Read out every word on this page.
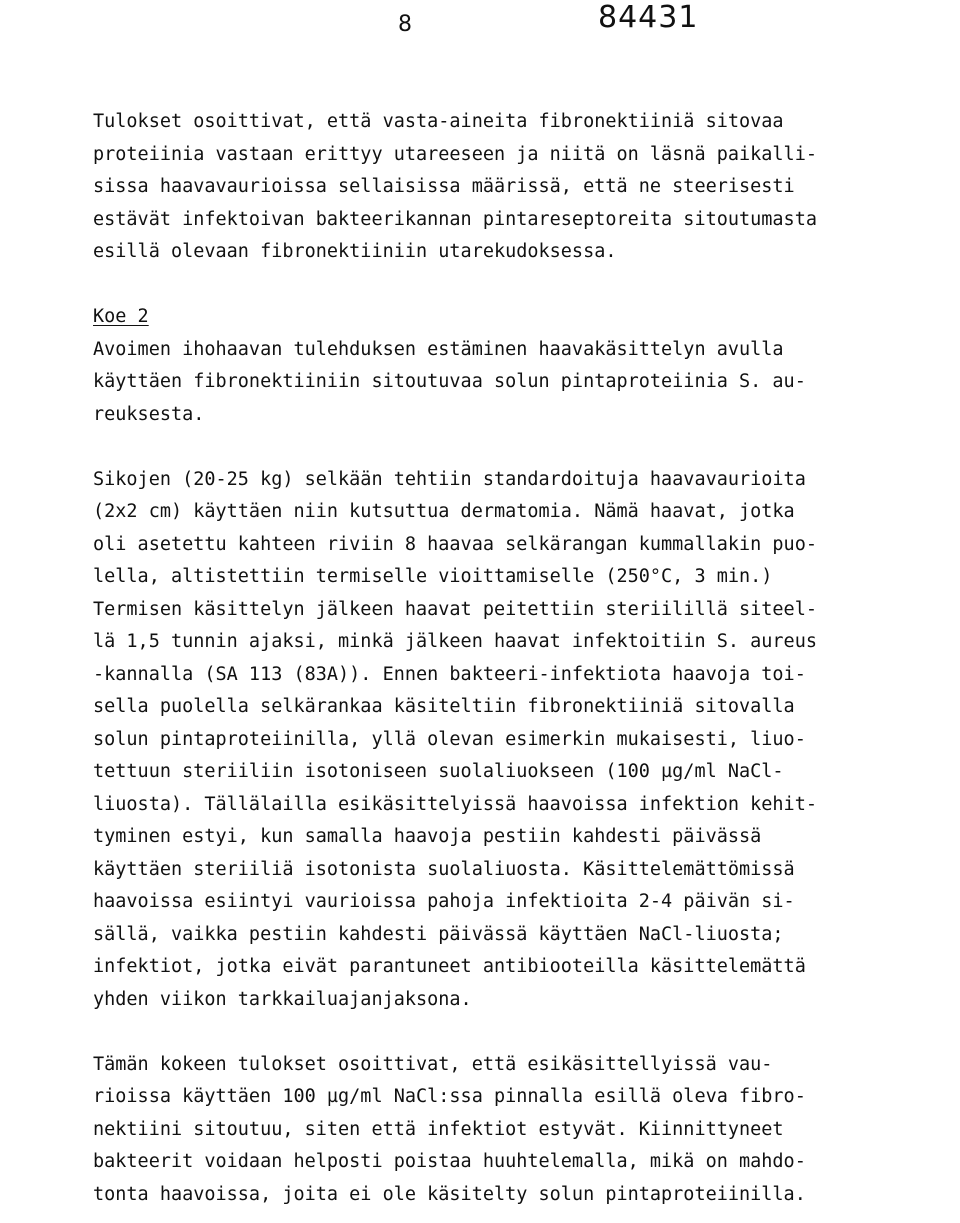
8	84431
Tulokset osoittivat, että vasta-aineita fibronektiiniä sitovaa
proteiinia vastaan erittyy utareeseen ja niitä on läsnä paikalli-
sissa haavavaurioissa sellaisissa määrissä, että ne steerisesti
estävät infektoivan bakteerikannan pintareseptoreita sitoutumasta
esillä olevaan fibronektiiniin utarekudoksessa.
Koe 2
Avoimen ihohaavan tulehduksen estäminen haavakäsittelyn avulla
käyttäen fibronektiiniin sitoutuvaa solun pintaproteiinia S. au-
reuksesta.
Sikojen (20-25 kg) selkään tehtiin standardoituja haavavaurioita
(2x2 cm) käyttäen niin kutsuttua dermatomia. Nämä haavat, jotka
oli asetettu kahteen riviin 8 haavaa selkärangan kummallakin puo-
lella, altistettiin termiselle vioittamiselle (250°C, 3 min.)
Termisen käsittelyn jälkeen haavat peitettiin steriilillä siteel-
lä 1,5 tunnin ajaksi, minkä jälkeen haavat infektoitiin S. aureus
-kannalla (SA 113 (83A)). Ennen bakteeri-infektiota haavoja toi-
sella puolella selkärankaa käsiteltiin fibronektiiniä sitovalla
solun pintaproteiinilla, yllä olevan esimerkin mukaisesti, liuo-
tettuun steriiliin isotoniseen suolaliuokseen (100 µg/ml NaCl-
liuosta). Tällälailla esikäsittelyissä haavoissa infektion kehit-
tyminen estyi, kun samalla haavoja pestiin kahdesti päivässä
käyttäen steriiliä isotonista suolaliuosta. Käsittelemättömissä
haavoissa esiintyi vaurioissa pahoja infektioita 2-4 päivän si-
sällä, vaikka pestiin kahdesti päivässä käyttäen NaCl-liuosta;
infektiot, jotka eivät parantuneet antibiooteilla käsittelemättä
yhden viikon tarkkailuajanjaksona.
Tämän kokeen tulokset osoittivat, että esikäsittellyissä vau-
rioissa käyttäen 100 µg/ml NaCl:ssa pinnalla esillä oleva fibro-
nektiini sitoutuu, siten että infektiot estyvät. Kiinnittyneet
bakteerit voidaan helposti poistaa huuhtelemalla, mikä on mahdo-
tonta haavoissa, joita ei ole käsitelty solun pintaproteiinilla.
